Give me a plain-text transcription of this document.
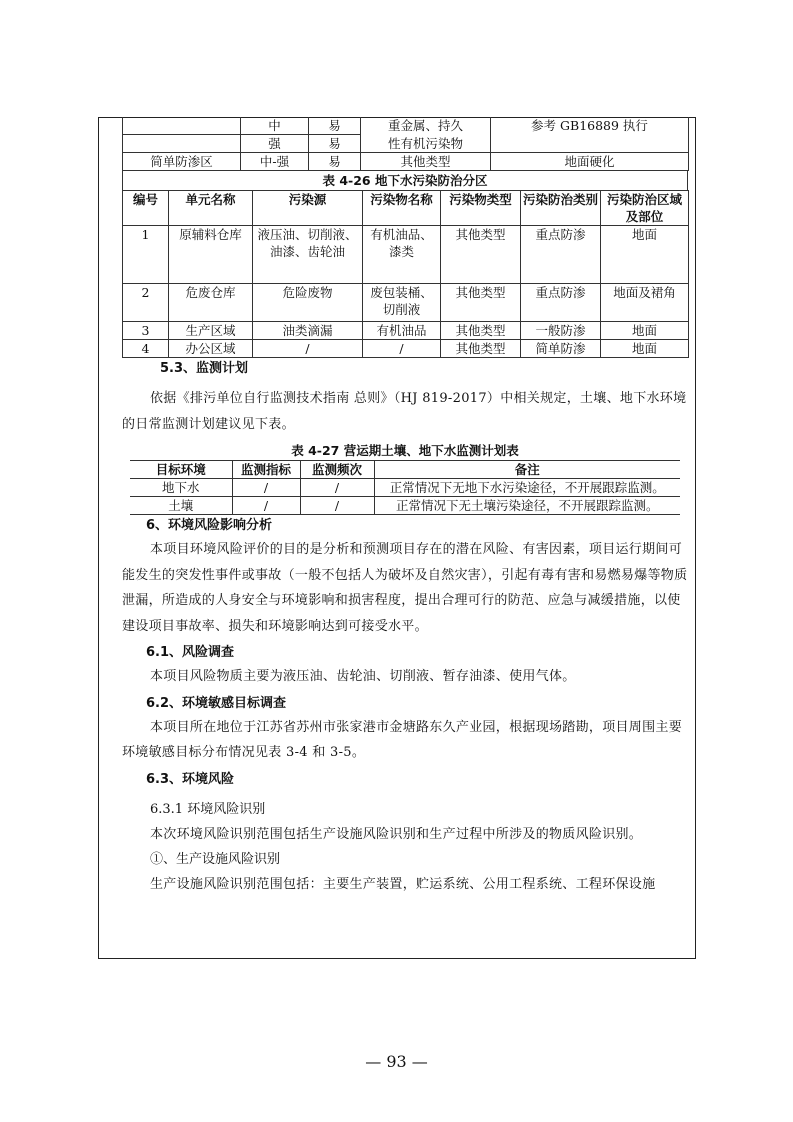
	中	易	重金属、持久	参考 GB16889 执行
	强	易	性有机污染物	
简单防渗区	中-强	易	其他类型	地面硬化
表 4-26 地下水污染防治分区
编号	单元名称	污染源	污染物名称	污染物类型	污染防治类别	污染防治区域及部位
1	原辅料仓库	液压油、切削液、油漆、齿轮油	有机油品、漆类	其他类型	重点防渗	地面
2	危废仓库	危险废物	废包装桶、切削液	其他类型	重点防渗	地面及裙角
3	生产区域	油类滴漏	有机油品	其他类型	一般防渗	地面
4	办公区域	/	/	其他类型	简单防渗	地面
5.3、监测计划

依据《排污单位自行监测技术指南 总则》（HJ 819-2017）中相关规定，土壤、地下水环境的日常监测计划建议见下表。

表 4-27 营运期土壤、地下水监测计划表
目标环境	监测指标	监测频次	备注
地下水	/	/	正常情况下无地下水污染途径，不开展跟踪监测。
土壤	/	/	正常情况下无土壤污染途径，不开展跟踪监测。
6、环境风险影响分析

本项目环境风险评价的目的是分析和预测项目存在的潜在风险、有害因素，项目运行期间可能发生的突发性事件或事故（一般不包括人为破坏及自然灾害），引起有毒有害和易燃易爆等物质泄漏，所造成的人身安全与环境影响和损害程度，提出合理可行的防范、应急与减缓措施，以使建设项目事故率、损失和环境影响达到可接受水平。

6.1、风险调查

本项目风险物质主要为液压油、齿轮油、切削液、暂存油漆、使用气体。

6.2、环境敏感目标调查

本项目所在地位于江苏省苏州市张家港市金塘路东久产业园，根据现场踏勘，项目周围主要环境敏感目标分布情况见表 3-4 和 3-5。

6.3、环境风险

6.3.1 环境风险识别

本次环境风险识别范围包括生产设施风险识别和生产过程中所涉及的物质风险识别。

①、生产设施风险识别

生产设施风险识别范围包括：主要生产装置，贮运系统、公用工程系统、工程环保设施

— 93 —
